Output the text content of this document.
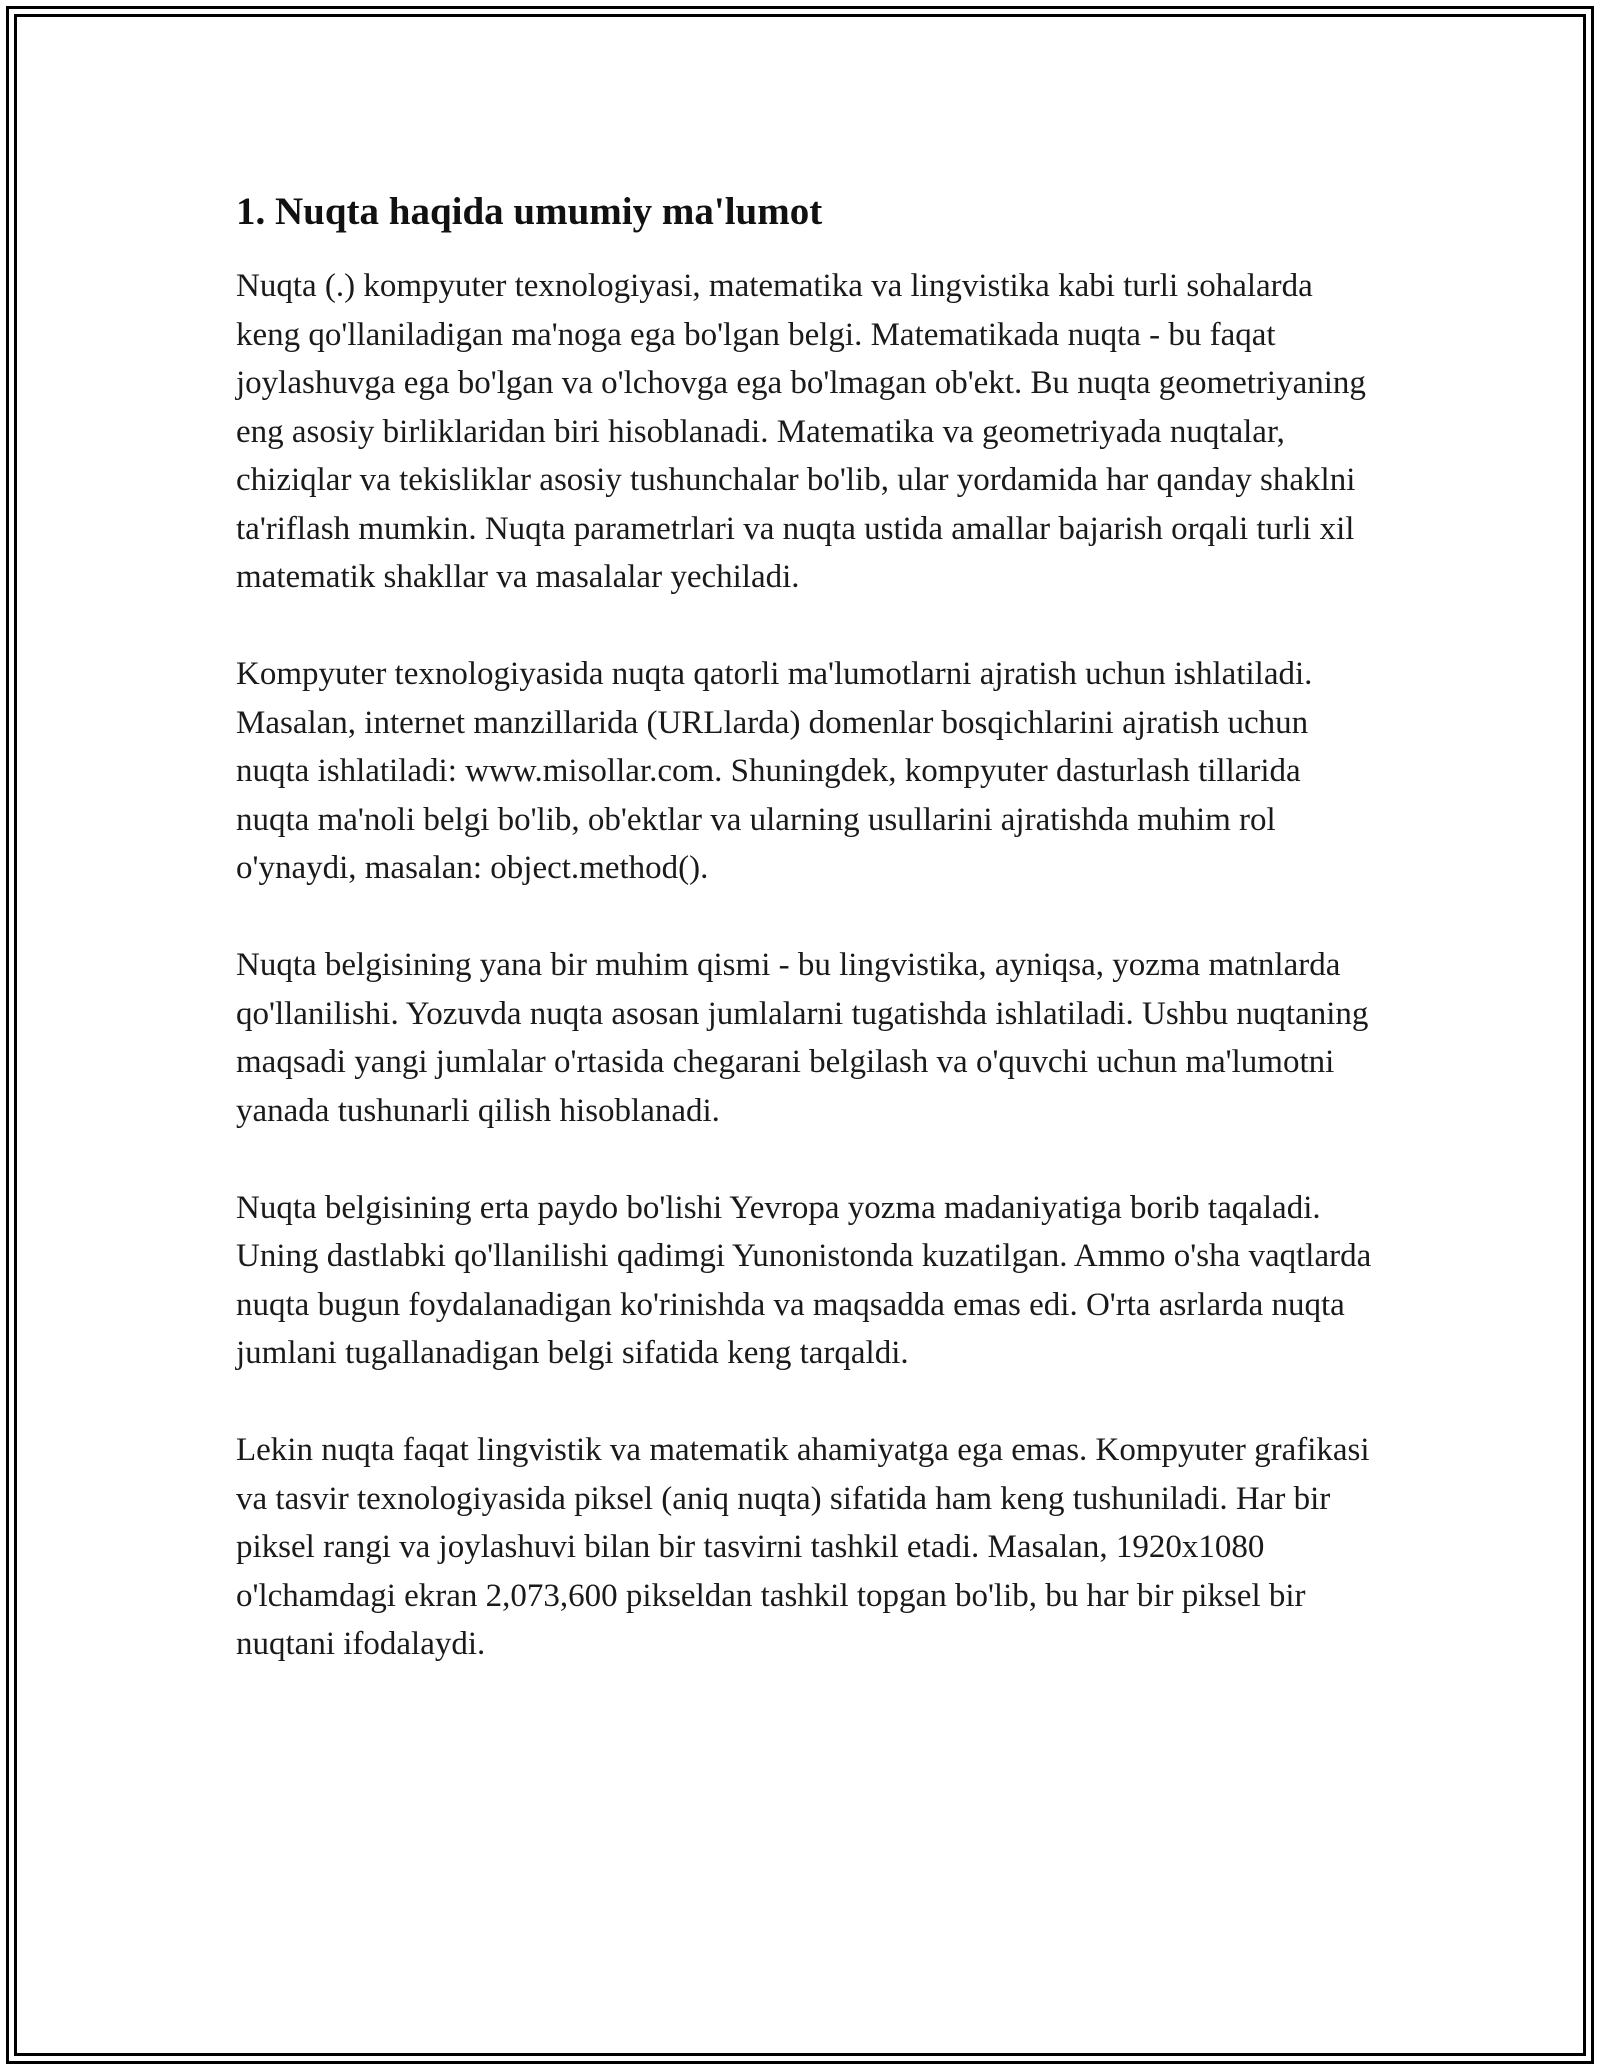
1. Nuqta haqida umumiy ma'lumot

Nuqta (.) kompyuter texnologiyasi, matematika va lingvistika kabi turli sohalarda keng qo'llaniladigan ma'noga ega bo'lgan belgi. Matematikada nuqta - bu faqat joylashuvga ega bo'lgan va o'lchovga ega bo'lmagan ob'ekt. Bu nuqta geometriyaning eng asosiy birliklaridan biri hisoblanadi. Matematika va geometriyada nuqtalar, chiziqlar va tekisliklar asosiy tushunchalar bo'lib, ular yordamida har qanday shaklni ta'riflash mumkin. Nuqta parametrlari va nuqta ustida amallar bajarish orqali turli xil matematik shakllar va masalalar yechiladi.

Kompyuter texnologiyasida nuqta qatorli ma'lumotlarni ajratish uchun ishlatiladi. Masalan, internet manzillarida (URLlarda) domenlar bosqichlarini ajratish uchun nuqta ishlatiladi: www.misollar.com. Shuningdek, kompyuter dasturlash tillarida nuqta ma'noli belgi bo'lib, ob'ektlar va ularning usullarini ajratishda muhim rol o'ynaydi, masalan: object.method().

Nuqta belgisining yana bir muhim qismi - bu lingvistika, ayniqsa, yozma matnlarda qo'llanilishi. Yozuvda nuqta asosan jumlalarni tugatishda ishlatiladi. Ushbu nuqtaning maqsadi yangi jumlalar o'rtasida chegarani belgilash va o'quvchi uchun ma'lumotni yanada tushunarli qilish hisoblanadi.

Nuqta belgisining erta paydo bo'lishi Yevropa yozma madaniyatiga borib taqaladi. Uning dastlabki qo'llanilishi qadimgi Yunonistonda kuzatilgan. Ammo o'sha vaqtlarda nuqta bugun foydalanadigan ko'rinishda va maqsadda emas edi. O'rta asrlarda nuqta jumlani tugallanadigan belgi sifatida keng tarqaldi.

Lekin nuqta faqat lingvistik va matematik ahamiyatga ega emas. Kompyuter grafikasi va tasvir texnologiyasida piksel (aniq nuqta) sifatida ham keng tushuniladi. Har bir piksel rangi va joylashuvi bilan bir tasvirni tashkil etadi. Masalan, 1920x1080 o'lchamdagi ekran 2,073,600 pikseldan tashkil topgan bo'lib, bu har bir piksel bir nuqtani ifodalaydi.
